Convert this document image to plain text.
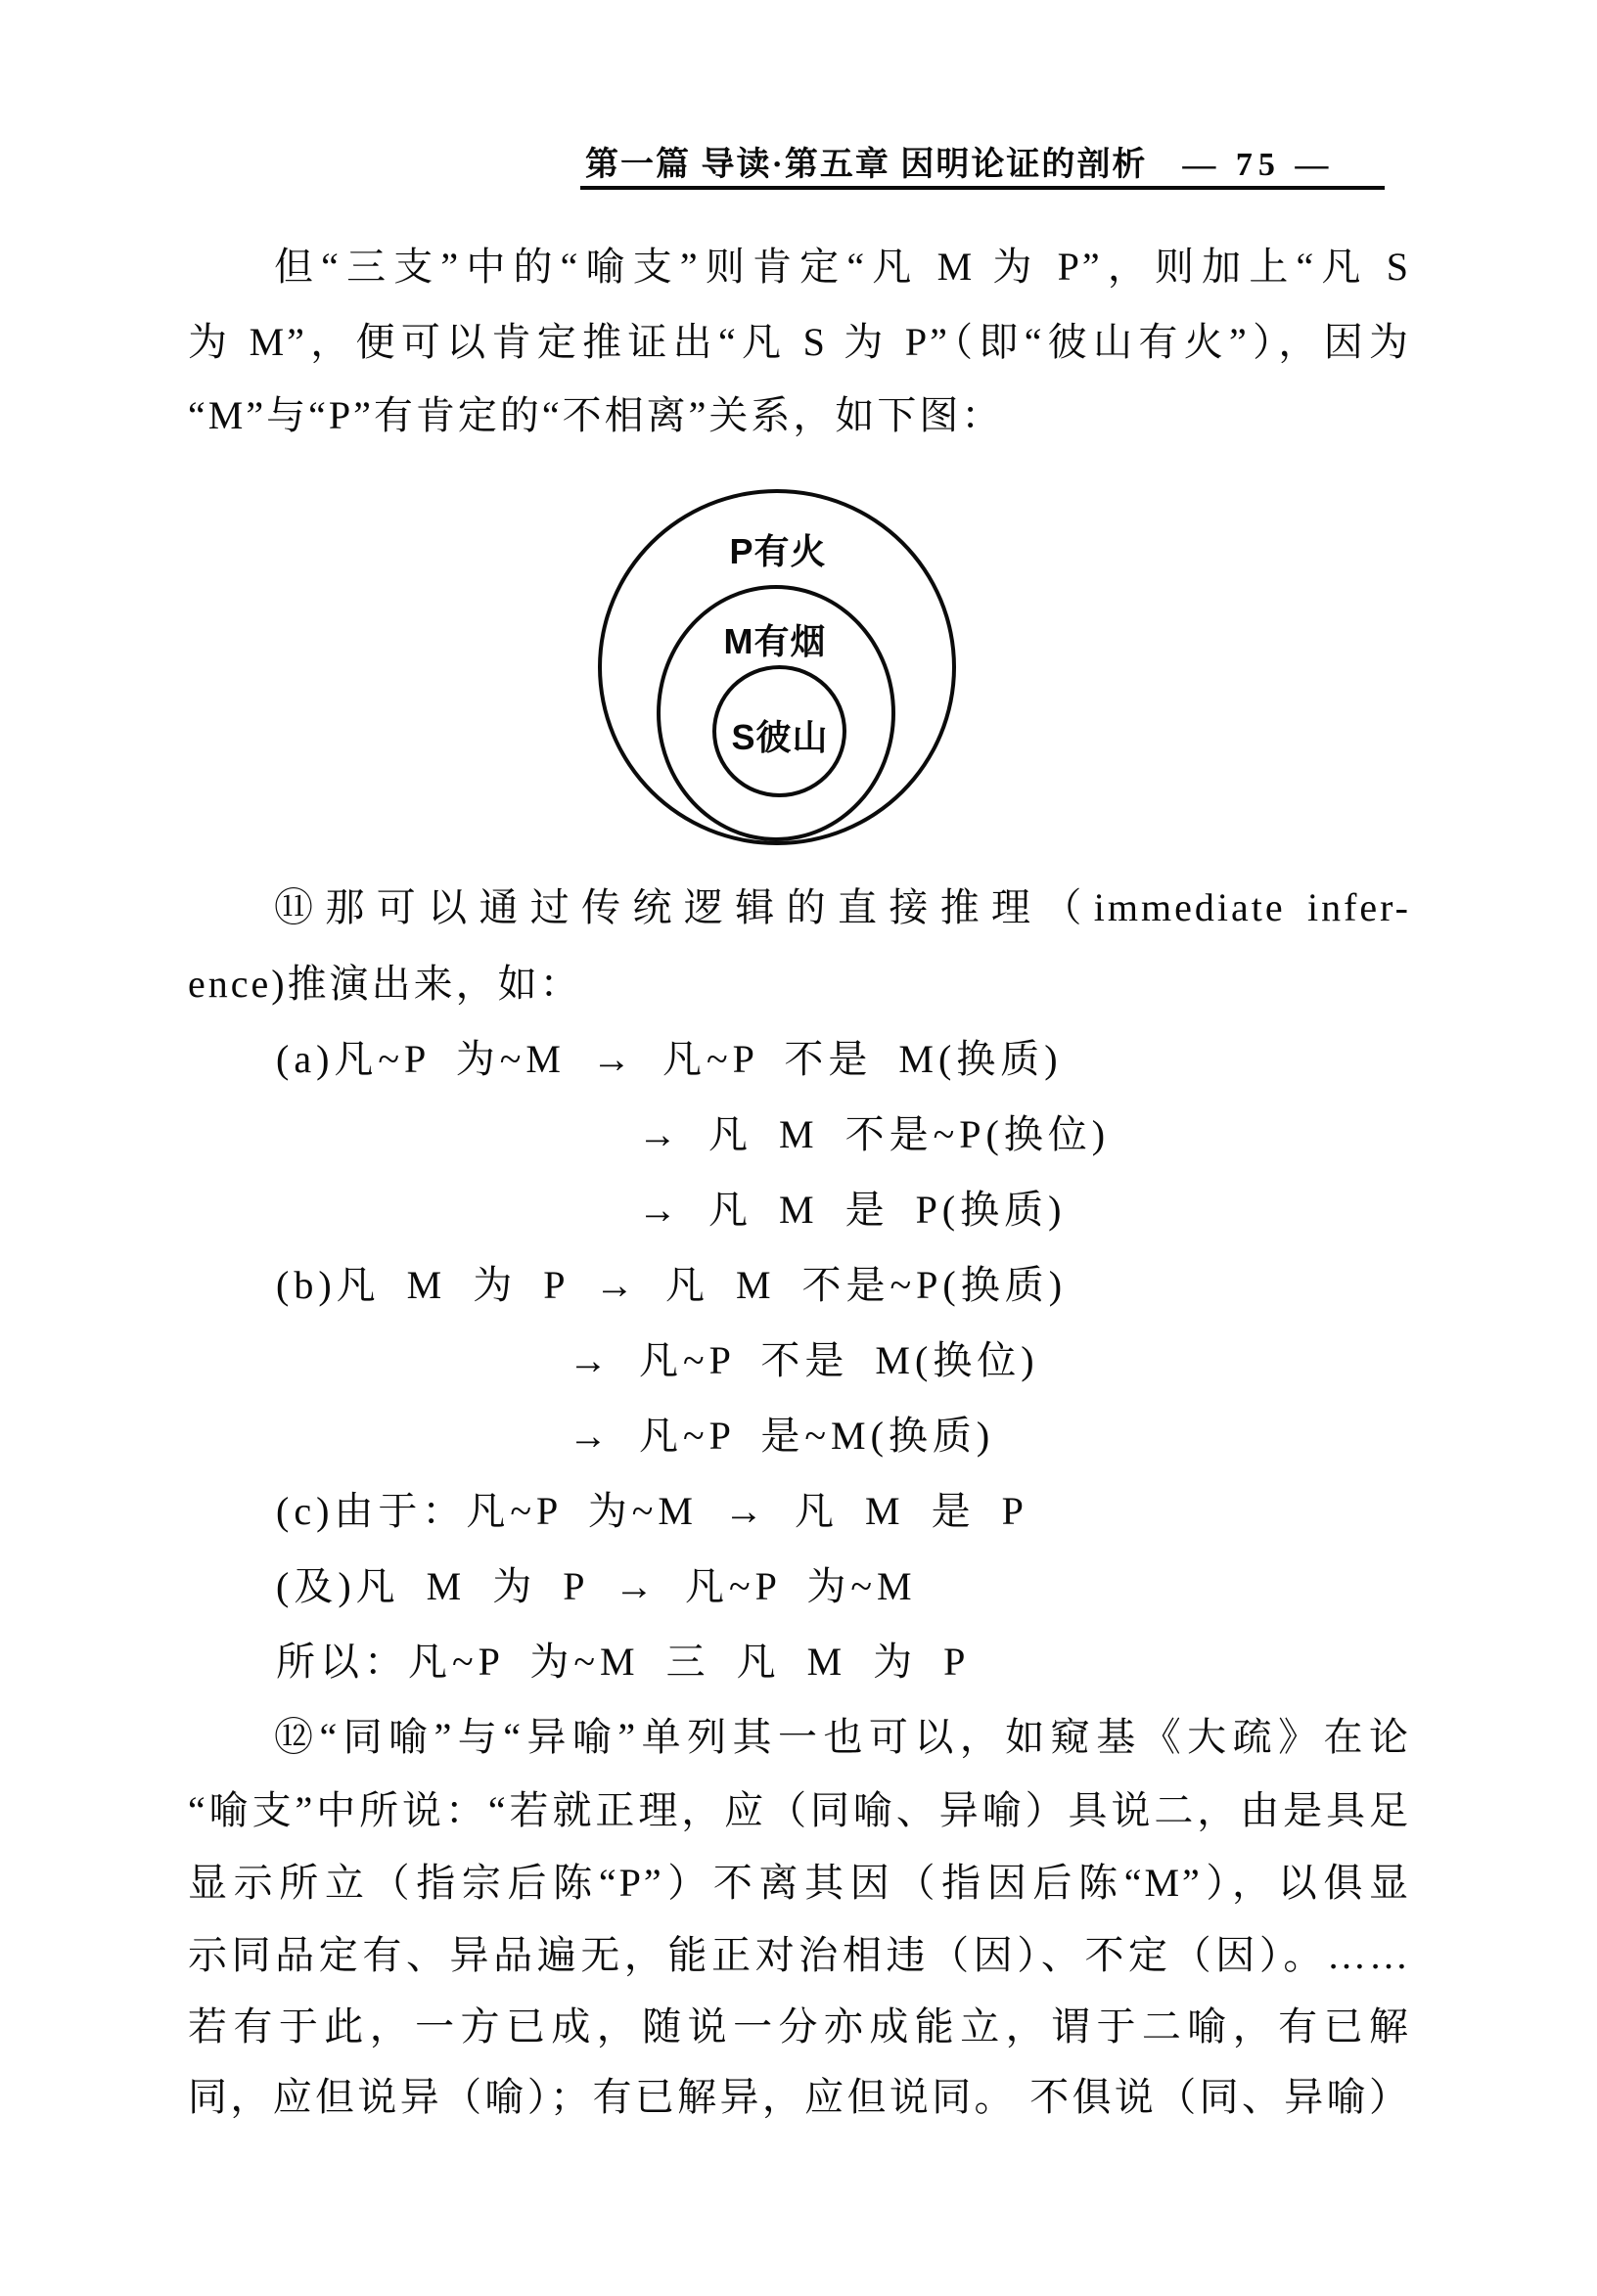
第一篇 导读·第五章 因明论证的剖析 — 75 —
但“三支”中的“喻支”则肯定“凡 M 为 P”，则加上“凡 S
为 M”，便可以肯定推证出“凡 S 为 P”（即“彼山有火”），因为
“M”与“P”有肯定的“不相离”关系，如下图：
P有火
M有烟
S彼山
⑪那可以通过传统逻辑的直接推理（immediate infer-
ence)推演出来，如：
(a)凡~P 为~M → 凡~P 不是 M(换质)
→ 凡 M 不是~P(换位)
→ 凡 M 是 P(换质)
(b)凡 M 为 P → 凡 M 不是~P(换质)
→ 凡~P 不是 M(换位)
→ 凡~P 是~M(换质)
(c)由于：凡~P 为~M → 凡 M 是 P
(及)凡 M 为 P → 凡~P 为~M
所以：凡~P 为~M 三 凡 M 为 P
⑫“同喻”与“异喻”单列其一也可以，如窥基《大疏》在论
“喻支”中所说：“若就正理，应（同喻、异喻）具说二，由是具足
显示所立（指宗后陈“P”）不离其因（指因后陈“M”），以俱显
示同品定有、异品遍无，能正对治相违（因）、不定（因）。……
若有于此，一方已成，随说一分亦成能立，谓于二喻，有已解
同，应但说异（喻）；有已解异，应但说同。 不俱说（同、异喻）
